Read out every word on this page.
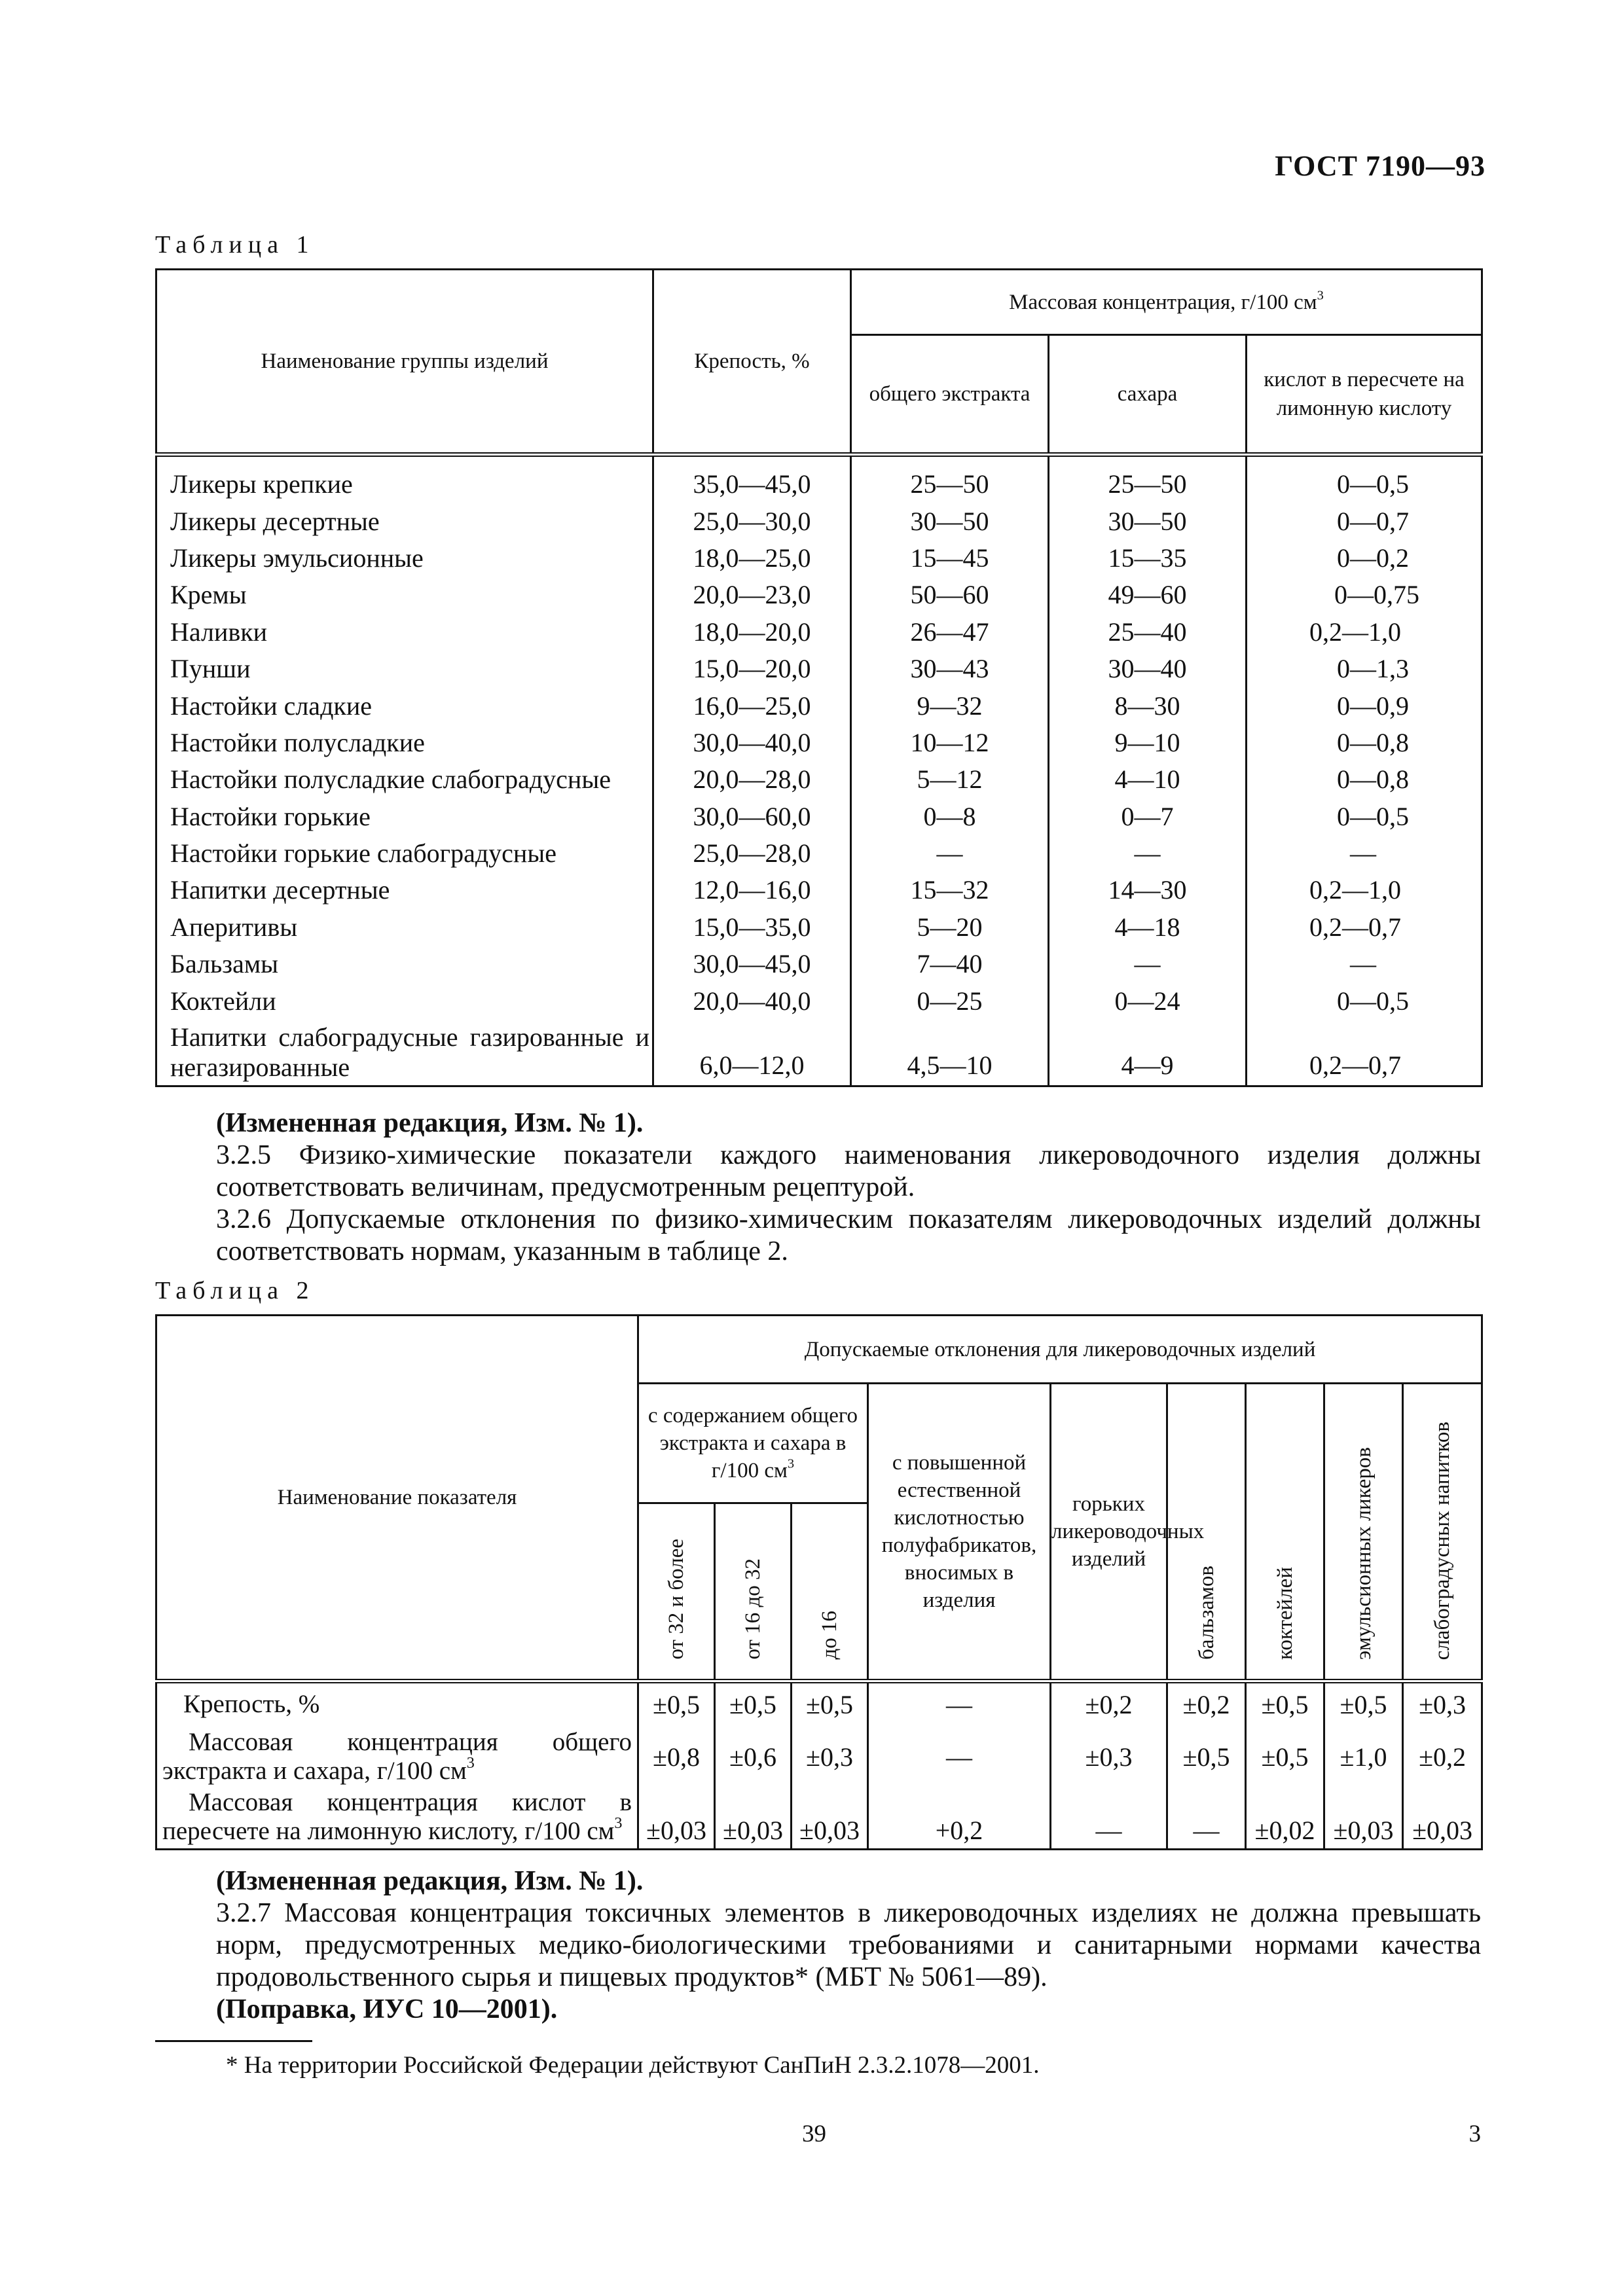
ГОСТ 7190—93
Таблица 1
Наименование группы изделий	Крепость, %	Массовая концентрация, г/100 $см^3$
		общего экстракта	сахара	кислот в пересчете на лимонную кислоту

Ликеры крепкие	35,0—45,0	25—50	25—50	0—0,5
Ликеры десертные	25,0—30,0	30—50	30—50	0—0,7
Ликеры эмульсионные	18,0—25,0	15—45	15—35	0—0,2
Кремы	20,0—23,0	50—60	49—60	0—0,75
Наливки	18,0—20,0	26—47	25—40	0,2—1,0
Пунши	15,0—20,0	30—43	30—40	0—1,3
Настойки сладкие	16,0—25,0	9—32	8—30	0—0,9
Настойки полусладкие	30,0—40,0	10—12	9—10	0—0,8
Настойки полусладкие слабоградусные	20,0—28,0	5—12	4—10	0—0,8
Настойки горькие	30,0—60,0	0—8	0—7	0—0,5
Настойки горькие слабоградусные	25,0—28,0	—	—	—
Напитки десертные	12,0—16,0	15—32	14—30	0,2—1,0
Аперитивы	15,0—35,0	5—20	4—18	0,2—0,7
Бальзамы	30,0—45,0	7—40	—	—
Коктейли	20,0—40,0	0—25	0—24	0—0,5
Напитки слабоградусные газированные и негазированные	6,0—12,0	4,5—10	4—9	0,2—0,7
(Измененная редакция, Изм. № 1).
3.2.5 Физико-химические показатели каждого наименования ликероводочного изделия должны соответствовать величинам, предусмотренным рецептурой.
3.2.6 Допускаемые отклонения по физико-химическим показателям ликероводочных изделий должны соответствовать нормам, указанным в таблице 2.
Таблица 2
Наименование показателя	Допускаемые отклонения для ликероводочных изделий								
	с содержанием общего экстракта и сахара в г/100 $см^3$			с повышенной естественной кислотностью полуфабрикатов, вносимых в изделия	горьких ликероводочных изделий	бальзамов	коктейлей	эмульсионных ликеров	слабоградусных напитков
	от 32 и более	от 16 до 32	до 16						

Крепость, %	±0,5	±0,5	±0,5	—	±0,2	±0,2	±0,5	±0,5	±0,3
Массовая концентрация общего экстракта и сахара, г/100 $см^3$	±0,8	±0,6	±0,3	—	±0,3	±0,5	±0,5	±1,0	±0,2
Массовая концентрация кислот в пересчете на лимонную кислоту, г/100 $см^3$	±0,03	±0,03	±0,03	+0,2	—	—	±0,02	±0,03	±0,03
(Измененная редакция, Изм. № 1).
3.2.7 Массовая концентрация токсичных элементов в ликероводочных изделиях не должна превышать норм, предусмотренных медико-биологическими требованиями и санитарными нормами качества продовольственного сырья и пищевых продуктов* (МБТ № 5061—89).
(Поправка, ИУС 10—2001).
* На территории Российской Федерации действуют СанПиН 2.3.2.1078—2001.
39	3
